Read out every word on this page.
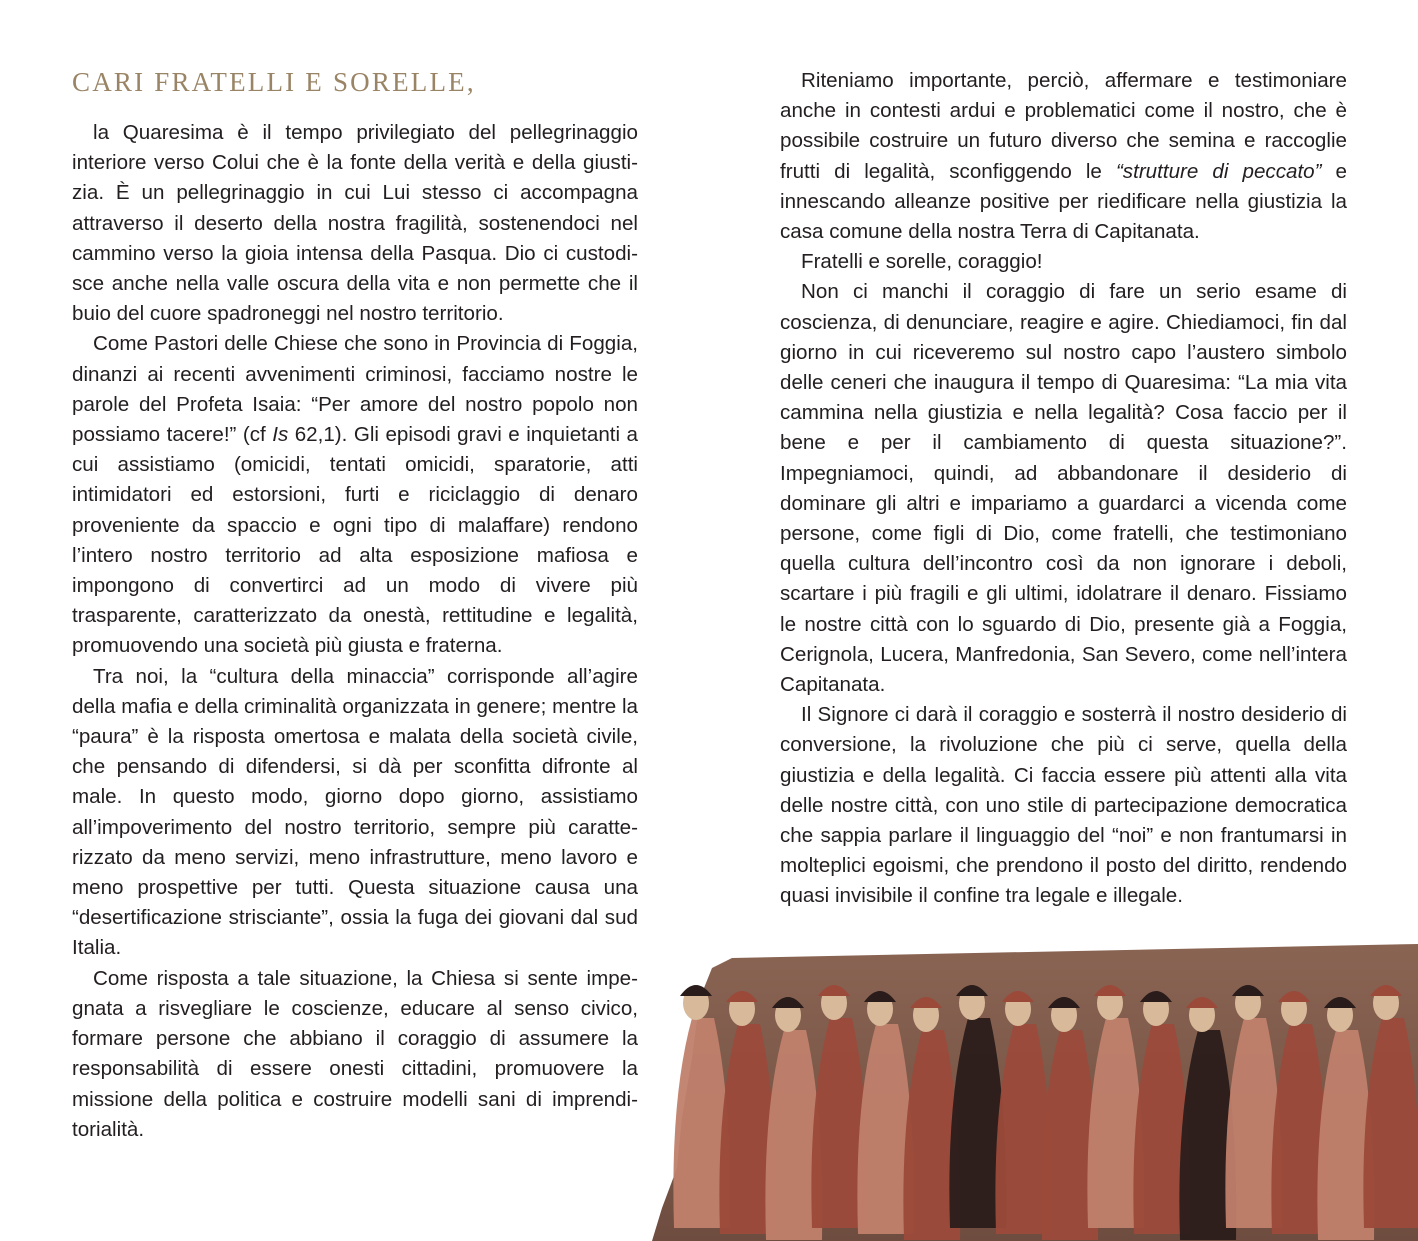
CARI FRATELLI E SORELLE,

la Quaresima è il tempo privilegiato del pellegrinaggio interiore verso Colui che è la fonte della verità e della giustizia. È un pellegrinaggio in cui Lui stesso ci accompagna attraverso il deserto della nostra fragilità, sostenendoci nel cammino verso la gioia intensa della Pasqua. Dio ci custodisce anche nella valle oscura della vita e non permette che il buio del cuore spadroneggi nel nostro territorio.

Come Pastori delle Chiese che sono in Provincia di Foggia, dinanzi ai recenti avvenimenti criminosi, facciamo nostre le parole del Profeta Isaia: “Per amore del nostro popolo non possiamo tacere!” (cf Is 62,1). Gli episodi gravi e inquietanti a cui assistiamo (omicidi, tentati omicidi, sparatorie, atti intimidatori ed estorsioni, furti e riciclaggio di denaro proveniente da spaccio e ogni tipo di malaffare) rendono l’intero nostro territorio ad alta esposizione mafiosa e impongono di convertirci ad un modo di vivere più trasparente, caratterizzato da onestà, rettitudine e legalità, promuovendo una società più giusta e fraterna.

Tra noi, la “cultura della minaccia” corrisponde all’agire della mafia e della criminalità organizzata in genere; mentre la “paura” è la risposta omertosa e malata della società civile, che pensando di difendersi, si dà per sconfitta difronte al male. In questo modo, giorno dopo giorno, assistiamo all’impoverimento del nostro territorio, sempre più caratterizzato da meno servizi, meno infrastrutture, meno lavoro e meno prospettive per tutti. Questa situazione causa una “desertificazione strisciante”, ossia la fuga dei giovani dal sud Italia.

Come risposta a tale situazione, la Chiesa si sente impegnata a risvegliare le coscienze, educare al senso civico, formare persone che abbiano il coraggio di assumere la responsabilità di essere onesti cittadini, promuovere la missione della politica e costruire modelli sani di imprenditorialità.

Riteniamo importante, perciò, affermare e testimoniare anche in contesti ardui e problematici come il nostro, che è possibile costruire un futuro diverso che semina e raccoglie frutti di legalità, sconfiggendo le “strutture di peccato” e innescando alleanze positive per riedificare nella giustizia la casa comune della nostra Terra di Capitanata.

Fratelli e sorelle, coraggio!

Non ci manchi il coraggio di fare un serio esame di coscienza, di denunciare, reagire e agire. Chiediamoci, fin dal giorno in cui riceveremo sul nostro capo l’austero simbolo delle ceneri che inaugura il tempo di Quaresima: “La mia vita cammina nella giustizia e nella legalità? Cosa faccio per il bene e per il cambiamento di questa situazione?”. Impegniamoci, quindi, ad abbandonare il desiderio di dominare gli altri e impariamo a guardarci a vicenda come persone, come figli di Dio, come fratelli, che testimoniano quella cultura dell’incontro così da non ignorare i deboli, scartare i più fragili e gli ultimi, idolatrare il denaro. Fissiamo le nostre città con lo sguardo di Dio, presente già a Foggia, Cerignola, Lucera, Manfredonia, San Severo, come nell’intera Capitanata.

Il Signore ci darà il coraggio e sosterrà il nostro desiderio di conversione, la rivoluzione che più ci serve, quella della giustizia e della legalità. Ci faccia essere più attenti alla vita delle nostre città, con uno stile di partecipazione democratica che sappia parlare il linguaggio del “noi” e non frantumarsi in molteplici egoismi, che prendono il posto del diritto, rendendo quasi invisibile il confine tra legale e illegale.
